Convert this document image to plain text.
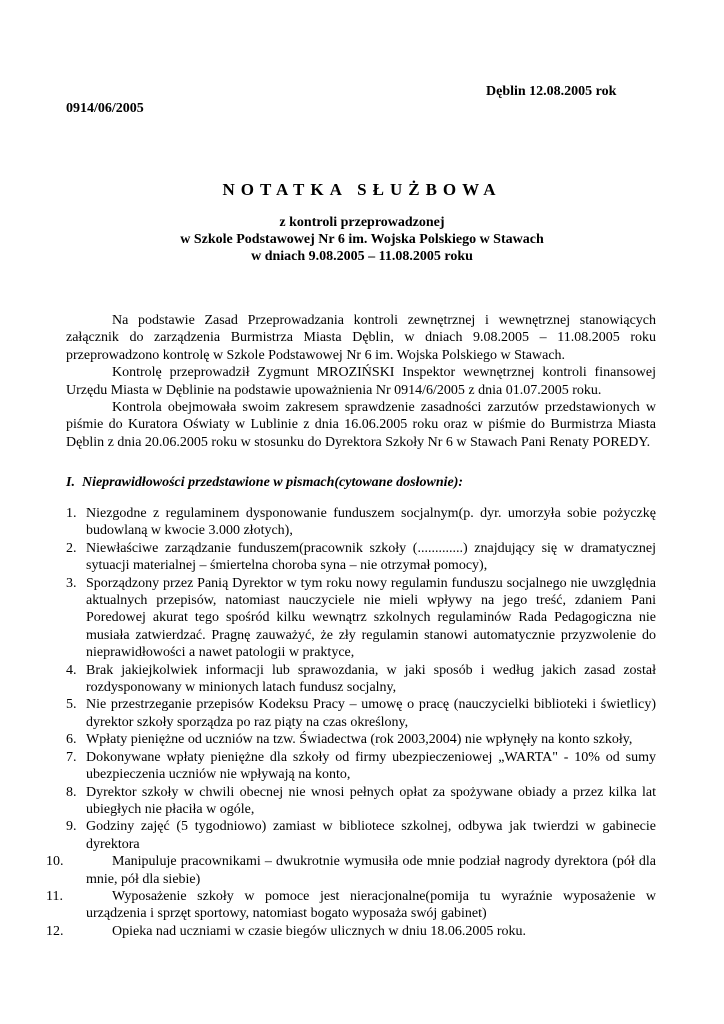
Dęblin 12.08.2005 rok
0914/06/2005
NOTATKA SŁUŻBOWA
z kontroli przeprowadzonej
w Szkole Podstawowej Nr 6 im. Wojska Polskiego w Stawach
w dniach 9.08.2005 – 11.08.2005 roku

Na podstawie Zasad Przeprowadzania kontroli zewnętrznej i wewnętrznej stanowiących załącznik do zarządzenia Burmistrza Miasta Dęblin, w dniach 9.08.2005 – 11.08.2005 roku przeprowadzono kontrolę w Szkole Podstawowej Nr 6 im. Wojska Polskiego w Stawach.

Kontrolę przeprowadził Zygmunt MROZIŃSKI Inspektor wewnętrznej kontroli finansowej Urzędu Miasta w Dęblinie na podstawie upoważnienia Nr 0914/6/2005 z dnia 01.07.2005 roku.

Kontrola obejmowała swoim zakresem sprawdzenie zasadności zarzutów przedstawionych w piśmie do Kuratora Oświaty w Lublinie z dnia 16.06.2005 roku oraz w piśmie do Burmistrza Miasta Dęblin z dnia 20.06.2005 roku w stosunku do Dyrektora Szkoły Nr 6 w Stawach Pani Renaty POREDY.

I. Nieprawidłowości przedstawione w pismach(cytowane dosłownie):
1. Niezgodne z regulaminem dysponowanie funduszem socjalnym(p. dyr. umorzyła sobie pożyczkę budowlaną w kwocie 3.000 złotych),
2. Niewłaściwe zarządzanie funduszem(pracownik szkoły (.............) znajdujący się w dramatycznej sytuacji materialnej – śmiertelna choroba syna – nie otrzymał pomocy),
3. Sporządzony przez Panią Dyrektor w tym roku nowy regulamin funduszu socjalnego nie uwzględnia aktualnych przepisów, natomiast nauczyciele nie mieli wpływy na jego treść, zdaniem Pani Poredowej akurat tego spośród kilku wewnątrz szkolnych regulaminów Rada Pedagogiczna nie musiała zatwierdzać. Pragnę zauważyć, że zły regulamin stanowi automatycznie przyzwolenie do nieprawidłowości a nawet patologii w praktyce,
4. Brak jakiejkolwiek informacji lub sprawozdania, w jaki sposób i według jakich zasad został rozdysponowany w minionych latach fundusz socjalny,
5. Nie przestrzeganie przepisów Kodeksu Pracy – umowę o pracę (nauczycielki biblioteki i świetlicy) dyrektor szkoły sporządza po raz piąty na czas określony,
6. Wpłaty pieniężne od uczniów na tzw. Świadectwa (rok 2003,2004) nie wpłynęły na konto szkoły,
7. Dokonywane wpłaty pieniężne dla szkoły od firmy ubezpieczeniowej „WARTA" - 10% od sumy ubezpieczenia uczniów nie wpływają na konto,
8. Dyrektor szkoły w chwili obecnej nie wnosi pełnych opłat za spożywane obiady a przez kilka lat ubiegłych nie płaciła w ogóle,
9. Godziny zajęć (5 tygodniowo) zamiast w bibliotece szkolnej, odbywa jak twierdzi w gabinecie dyrektora
10.	Manipuluje pracownikami – dwukrotnie wymusiła ode mnie podział nagrody dyrektora (pół dla mnie, pół dla siebie)
11.	Wyposażenie szkoły w pomoce jest nieracjonalne(pomija tu wyraźnie wyposażenie w urządzenia i sprzęt sportowy, natomiast bogato wyposaża swój gabinet)
12.	Opieka nad uczniami w czasie biegów ulicznych w dniu 18.06.2005 roku.
